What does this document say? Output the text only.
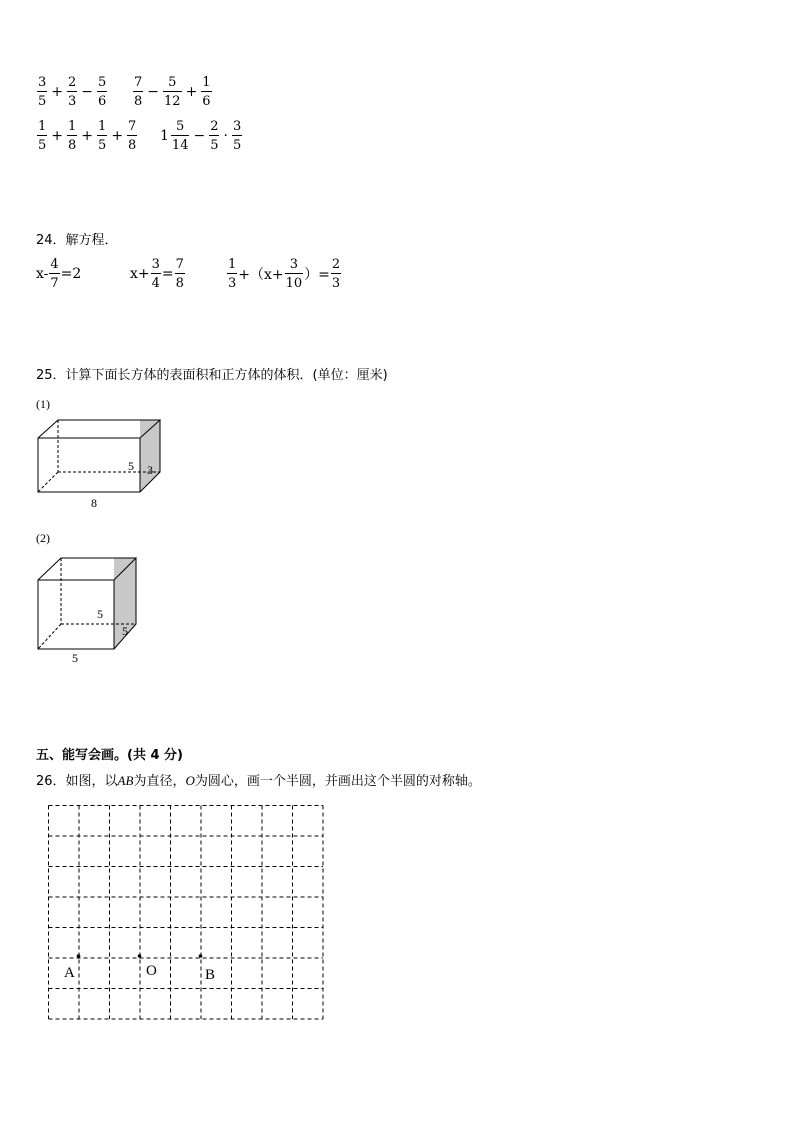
$\frac{3}{5} + \frac{2}{3} - \frac{5}{6} \frac{7}{8} - \frac{5}{12} + \frac{1}{6}$
$\frac{1}{5} + \frac{1}{8} + \frac{1}{5} + \frac{7}{8} 1 \frac{5}{14} - \frac{2}{5} \cdot \frac{3}{5}$
24．解方程．
$x- \frac{4}{7} =2$	$x+ \frac{3}{4} = \frac{7}{8}$	$\frac{1}{3} +(x+ \frac{3}{10}$ ）= $\frac{2}{3}$
25．计算下面长方体的表面积和正方体的体积．(单位：厘米)
(1)
5 3
8
(2)
5
5
5
五、能写会画。(共 4 分)
26．如图，以AB为直径，O为圆心，画一个半圆，并画出这个半圆的对称轴。
A	O	B
